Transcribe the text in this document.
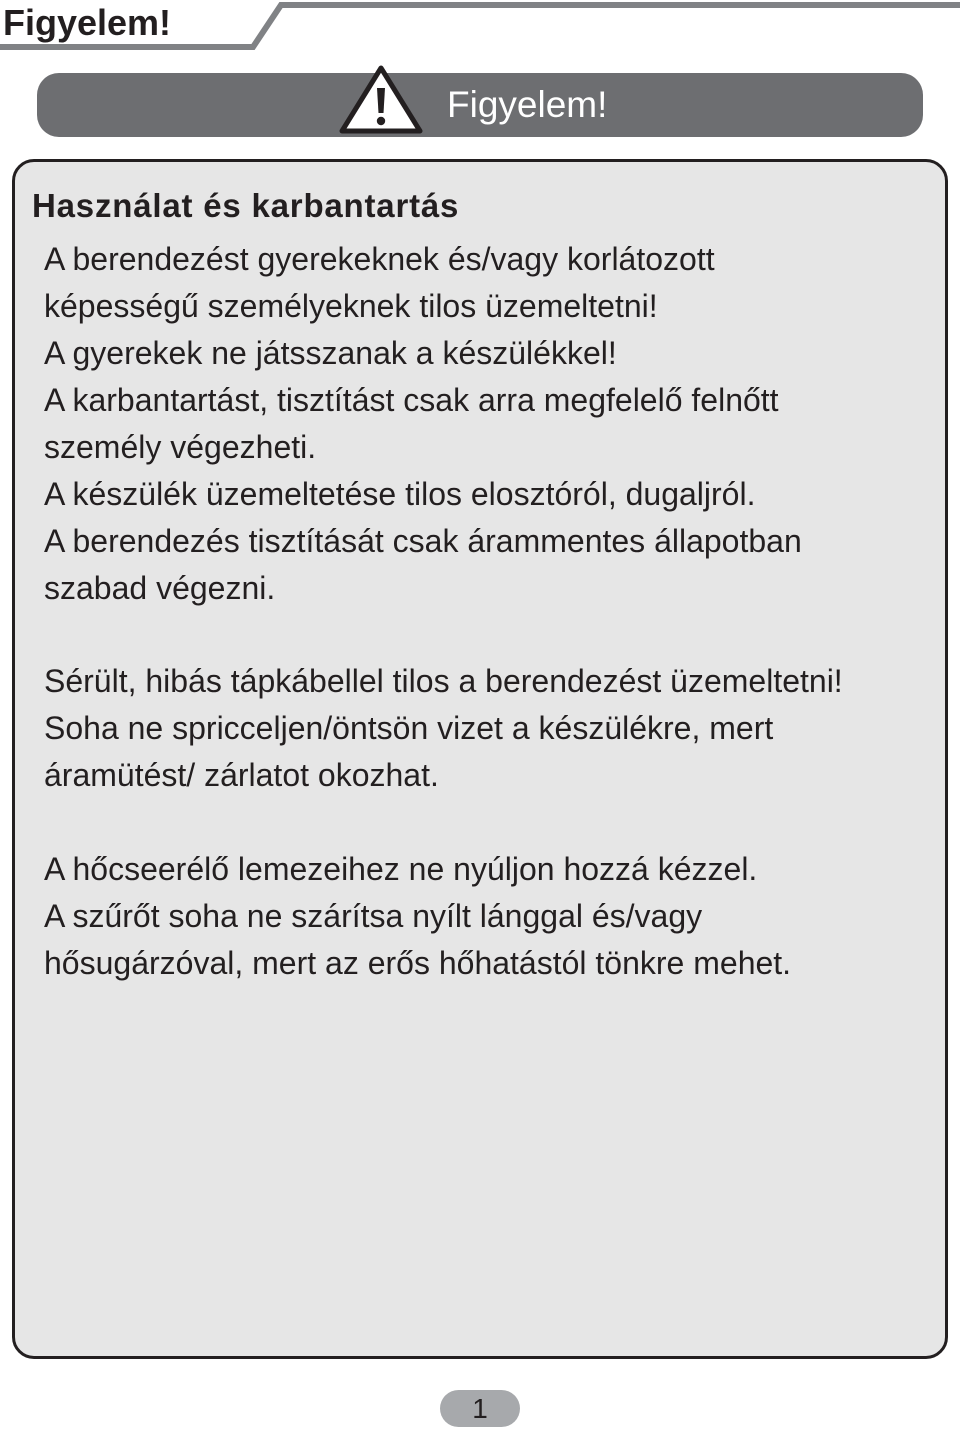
Figyelem!
Figyelem!
Használat és karbantartás

A berendezést gyerekeknek és/vagy korlátozott
képességű személyeknek tilos üzemeltetni!
A gyerekek ne játsszanak a készülékkel!
A karbantartást, tisztítást csak arra megfelelő felnőtt
személy végezheti.
A készülék üzemeltetése tilos elosztóról, dugaljról.
A berendezés tisztítását csak árammentes állapotban
szabad végezni.

Sérült, hibás tápkábellel tilos a berendezést üzemeltetni!
Soha ne spricceljen/öntsön vizet a készülékre, mert
áramütést/ zárlatot okozhat.

A hőcseerélő lemezeihez ne nyúljon hozzá kézzel.
A szűrőt soha ne szárítsa nyílt lánggal és/vagy
hősugárzóval, mert az erős hőhatástól tönkre mehet.

1
